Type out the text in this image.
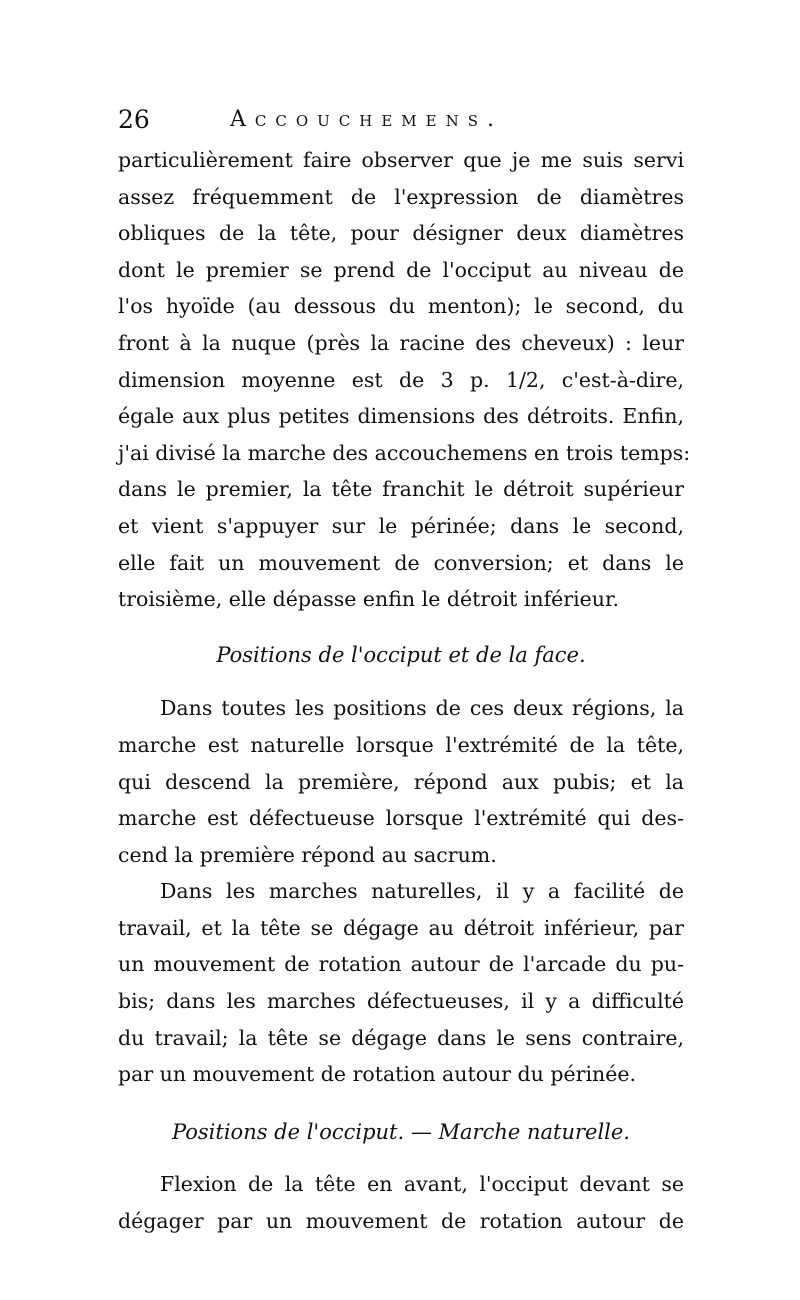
26	Accouchemens.

particulièrement faire observer que je me suis servi
assez fréquemment de l'expression de diamètres
obliques de la tête, pour désigner deux diamètres
dont le premier se prend de l'occiput au niveau de
l'os hyoïde (au dessous du menton); le second, du
front à la nuque (près la racine des cheveux) : leur
dimension moyenne est de 3 p. 1/2, c'est-à-dire,
égale aux plus petites dimensions des détroits. Enfin,
j'ai divisé la marche des accouchemens en trois temps:
dans le premier, la tête franchit le détroit supérieur
et vient s'appuyer sur le périnée; dans le second,
elle fait un mouvement de conversion; et dans le
troisième, elle dépasse enfin le détroit inférieur.

Positions de l'occiput et de la face.

Dans toutes les positions de ces deux régions, la
marche est naturelle lorsque l'extrémité de la tête,
qui descend la première, répond aux pubis; et la
marche est défectueuse lorsque l'extrémité qui des-
cend la première répond au sacrum.

Dans les marches naturelles, il y a facilité de
travail, et la tête se dégage au détroit inférieur, par
un mouvement de rotation autour de l'arcade du pu-
bis; dans les marches défectueuses, il y a difficulté
du travail; la tête se dégage dans le sens contraire,
par un mouvement de rotation autour du périnée.

Positions de l'occiput. — Marche naturelle.

Flexion de la tête en avant, l'occiput devant se
dégager par un mouvement de rotation autour de
